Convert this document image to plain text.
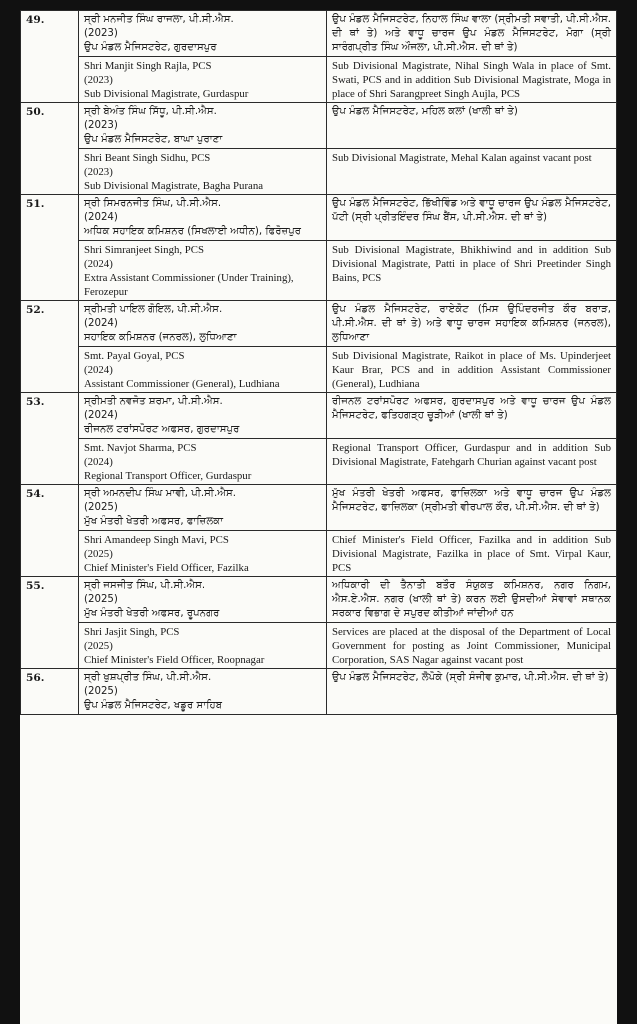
49.	ਸ੍ਰੀ ਮਨਜੀਤ ਸਿੰਘ ਰਾਜਲਾ, ਪੀ.ਸੀ.ਐਸ.
(2023)
ਉਪ ਮੰਡਲ ਮੈਜਿਸਟਰੇਟ, ਗੁਰਦਾਸਪੁਰ	ਉਪ ਮੰਡਲ ਮੈਜਿਸਟਰੇਟ, ਨਿਹਾਲ ਸਿੰਘ ਵਾਲਾ (ਸ੍ਰੀਮਤੀ ਸਵਾਤੀ, ਪੀ.ਸੀ.ਐਸ. ਦੀ ਥਾਂ ਤੇ) ਅਤੇ ਵਾਧੂ ਚਾਰਜ ਉਪ ਮੰਡਲ ਮੈਜਿਸਟਰੇਟ, ਮੋਗਾ (ਸ੍ਰੀ ਸਾਰੰਗਪ੍ਰੀਤ ਸਿੰਘ ਔਜਲਾ, ਪੀ.ਸੀ.ਐਸ. ਦੀ ਥਾਂ ਤੇ)

	Shri Manjit Singh Rajla, PCS
(2023)
Sub Divisional Magistrate, Gurdaspur	Sub Divisional Magistrate, Nihal Singh Wala in place of Smt. Swati, PCS and in addition Sub Divisional Magistrate, Moga in place of Shri Sarangpreet Singh Aujla, PCS

50.	ਸ੍ਰੀ ਬੇਅੰਤ ਸਿੰਘ ਸਿੱਧੂ, ਪੀ.ਸੀ.ਐਸ.
(2023)
ਉਪ ਮੰਡਲ ਮੈਜਿਸਟਰੇਟ, ਬਾਘਾ ਪੁਰਾਣਾ	ਉਪ ਮੰਡਲ ਮੈਜਿਸਟਰੇਟ, ਮਹਿਲ ਕਲਾਂ (ਖਾਲੀ ਥਾਂ ਤੇ)

	Shri Beant Singh Sidhu, PCS
(2023)
Sub Divisional Magistrate, Bagha Purana	Sub Divisional Magistrate, Mehal Kalan against vacant post

51.	ਸ੍ਰੀ ਸਿਮਰਨਜੀਤ ਸਿੰਘ, ਪੀ.ਸੀ.ਐਸ.
(2024)
ਅਧਿਕ ਸਹਾਇਕ ਕਮਿਸ਼ਨਰ (ਸਿਖਲਾਈ ਅਧੀਨ), ਫਿਰੋਜ਼ਪੁਰ	ਉਪ ਮੰਡਲ ਮੈਜਿਸਟਰੇਟ, ਭਿੱਖੀਵਿੰਡ ਅਤੇ ਵਾਧੂ ਚਾਰਜ ਉਪ ਮੰਡਲ ਮੈਜਿਸਟਰੇਟ, ਪੱਟੀ (ਸ੍ਰੀ ਪ੍ਰੀਤਇੰਦਰ ਸਿੰਘ ਬੈਂਸ, ਪੀ.ਸੀ.ਐਸ. ਦੀ ਥਾਂ ਤੇ)

	Shri Simranjeet Singh, PCS
(2024)
Extra Assistant Commissioner (Under Training), Ferozepur	Sub Divisional Magistrate, Bhikhiwind and in addition Sub Divisional Magistrate, Patti in place of Shri Preetinder Singh Bains, PCS

52.	ਸ੍ਰੀਮਤੀ ਪਾਇਲ ਗੋਇਲ, ਪੀ.ਸੀ.ਐਸ.
(2024)
ਸਹਾਇਕ ਕਮਿਸ਼ਨਰ (ਜਨਰਲ), ਲੁਧਿਆਣਾ	ਉਪ ਮੰਡਲ ਮੈਜਿਸਟਰੇਟ, ਰਾਏਕੋਟ (ਮਿਸ ਉਪਿੰਦਰਜੀਤ ਕੌਰ ਬਰਾੜ, ਪੀ.ਸੀ.ਐਸ. ਦੀ ਥਾਂ ਤੇ) ਅਤੇ ਵਾਧੂ ਚਾਰਜ ਸਹਾਇਕ ਕਮਿਸ਼ਨਰ (ਜਨਰਲ), ਲੁਧਿਆਣਾ

	Smt. Payal Goyal, PCS
(2024)
Assistant Commissioner (General), Ludhiana	Sub Divisional Magistrate, Raikot in place of Ms. Upinderjeet Kaur Brar, PCS and in addition Assistant Commissioner (General), Ludhiana

53.	ਸ੍ਰੀਮਤੀ ਨਵਜੋਤ ਸ਼ਰਮਾ, ਪੀ.ਸੀ.ਐਸ.
(2024)
ਰੀਜਨਲ ਟਰਾਂਸਪੋਰਟ ਅਫਸਰ, ਗੁਰਦਾਸਪੁਰ	ਰੀਜਨਲ ਟਰਾਂਸਪੋਰਟ ਅਫਸਰ, ਗੁਰਦਾਸਪੁਰ ਅਤੇ ਵਾਧੂ ਚਾਰਜ ਉਪ ਮੰਡਲ ਮੈਜਿਸਟਰੇਟ, ਫਤਿਹਗੜ੍ਹ ਚੂੜੀਆਂ (ਖਾਲੀ ਥਾਂ ਤੇ)

	Smt. Navjot Sharma, PCS
(2024)
Regional Transport Officer, Gurdaspur	Regional Transport Officer, Gurdaspur and in addition Sub Divisional Magistrate, Fatehgarh Churian against vacant post

54.	ਸ੍ਰੀ ਅਮਨਦੀਪ ਸਿੰਘ ਮਾਵੀ, ਪੀ.ਸੀ.ਐਸ.
(2025)
ਮੁੱਖ ਮੰਤਰੀ ਖੇਤਰੀ ਅਫਸਰ, ਫਾਜ਼ਿਲਕਾ	ਮੁੱਖ ਮੰਤਰੀ ਖੇਤਰੀ ਅਫਸਰ, ਫਾਜ਼ਿਲਕਾ ਅਤੇ ਵਾਧੂ ਚਾਰਜ ਉਪ ਮੰਡਲ ਮੈਜਿਸਟਰੇਟ, ਫਾਜ਼ਿਲਕਾ (ਸ੍ਰੀਮਤੀ ਵੀਰਪਾਲ ਕੌਰ, ਪੀ.ਸੀ.ਐਸ. ਦੀ ਥਾਂ ਤੇ)

	Shri Amandeep Singh Mavi, PCS
(2025)
Chief Minister's Field Officer, Fazilka	Chief Minister's Field Officer, Fazilka and in addition Sub Divisional Magistrate, Fazilka in place of Smt. Virpal Kaur, PCS

55.	ਸ੍ਰੀ ਜਸਜੀਤ ਸਿੰਘ, ਪੀ.ਸੀ.ਐਸ.
(2025)
ਮੁੱਖ ਮੰਤਰੀ ਖੇਤਰੀ ਅਫਸਰ, ਰੂਪਨਗਰ	ਅਧਿਕਾਰੀ ਦੀ ਤੈਨਾਤੀ ਬਤੌਰ ਸੰਯੁਕਤ ਕਮਿਸ਼ਨਰ, ਨਗਰ ਨਿਗਮ, ਐਸ.ਏ.ਐਸ. ਨਗਰ (ਖਾਲੀ ਥਾਂ ਤੇ) ਕਰਨ ਲਈ ਉਸਦੀਆਂ ਸੇਵਾਵਾਂ ਸਥਾਨਕ ਸਰਕਾਰ ਵਿਭਾਗ ਦੇ ਸਪੁਰਦ ਕੀਤੀਆਂ ਜਾਂਦੀਆਂ ਹਨ

	Shri Jasjit Singh, PCS
(2025)
Chief Minister's Field Officer, Roopnagar	Services are placed at the disposal of the Department of Local Government for posting as Joint Commissioner, Municipal Corporation, SAS Nagar against vacant post

56.	ਸ੍ਰੀ ਖੁਸ਼ਪ੍ਰੀਤ ਸਿੰਘ, ਪੀ.ਸੀ.ਐਸ.
(2025)
ਉਪ ਮੰਡਲ ਮੈਜਿਸਟਰੇਟ, ਖਡੂਰ ਸਾਹਿਬ	ਉਪ ਮੰਡਲ ਮੈਜਿਸਟਰੇਟ, ਲੋਪੋਕੇ (ਸ੍ਰੀ ਸੰਜੀਵ ਕੁਮਾਰ, ਪੀ.ਸੀ.ਐਸ. ਦੀ ਥਾਂ ਤੇ)
